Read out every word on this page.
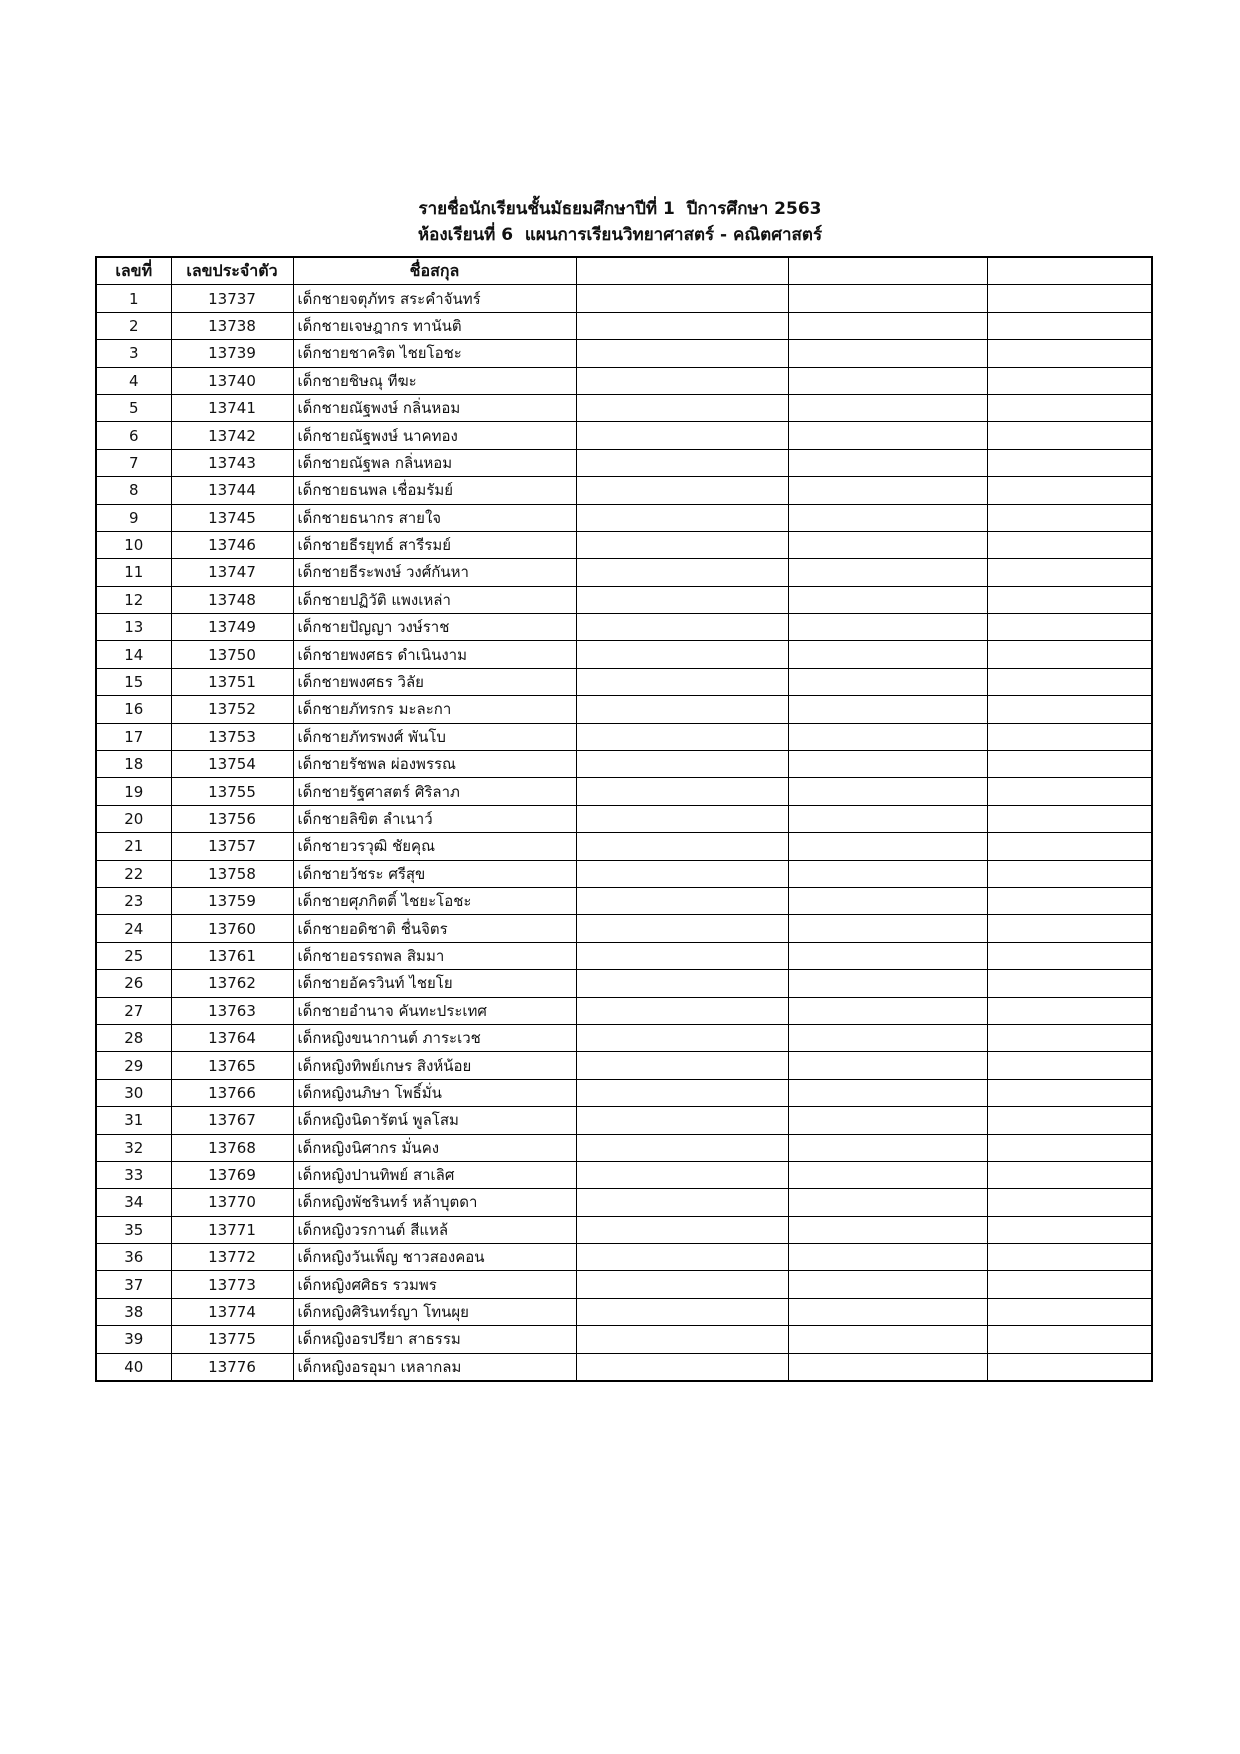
รายชื่อนักเรียนชั้นมัธยมศึกษาปีที่ 1  ปีการศึกษา 2563
ห้องเรียนที่ 6  แผนการเรียนวิทยาศาสตร์ - คณิตศาสตร์
เลขที่	เลขประจำตัว	ชื่อสกุล			
1	13737	เด็กชายจตุภัทร สระคำจันทร์			
2	13738	เด็กชายเจษฎากร ทานันติ			
3	13739	เด็กชายชาคริต ไชยโอชะ			
4	13740	เด็กชายชิษณุ ทีฆะ			
5	13741	เด็กชายณัฐพงษ์ กลิ่นหอม			
6	13742	เด็กชายณัฐพงษ์ นาคทอง			
7	13743	เด็กชายณัฐพล กลิ่นหอม			
8	13744	เด็กชายธนพล เชื่อมรัมย์			
9	13745	เด็กชายธนากร สายใจ			
10	13746	เด็กชายธีรยุทธ์ สารีรมย์			
11	13747	เด็กชายธีระพงษ์ วงศ์กันหา			
12	13748	เด็กชายปฏิวัติ แพงเหล่า			
13	13749	เด็กชายปัญญา วงษ์ราช			
14	13750	เด็กชายพงศธร ดำเนินงาม			
15	13751	เด็กชายพงศธร วิลัย			
16	13752	เด็กชายภัทรกร มะละกา			
17	13753	เด็กชายภัทรพงศ์ พันโบ			
18	13754	เด็กชายรัชพล ผ่องพรรณ			
19	13755	เด็กชายรัฐศาสตร์ ศิริลาภ			
20	13756	เด็กชายลิขิต ลำเนาว์			
21	13757	เด็กชายวรวุฒิ ชัยคุณ			
22	13758	เด็กชายวัชระ ศรีสุข			
23	13759	เด็กชายศุภกิตติ์ ไชยะโอชะ			
24	13760	เด็กชายอดิชาติ ชื่นจิตร			
25	13761	เด็กชายอรรถพล สิมมา			
26	13762	เด็กชายอัครวินท์ ไชยโย			
27	13763	เด็กชายอำนาจ คันทะประเทศ			
28	13764	เด็กหญิงขนากานต์ ภาระเวช			
29	13765	เด็กหญิงทิพย์เกษร สิงห์น้อย			
30	13766	เด็กหญิงนภิษา โพธิ์มั่น			
31	13767	เด็กหญิงนิดารัตน์ พูลโสม			
32	13768	เด็กหญิงนิศากร มั่นคง			
33	13769	เด็กหญิงปานทิพย์ สาเลิศ			
34	13770	เด็กหญิงพัชรินทร์ หล้าบุตดา			
35	13771	เด็กหญิงวรกานต์ สีแหล้			
36	13772	เด็กหญิงวันเพ็ญ ชาวสองคอน			
37	13773	เด็กหญิงศศิธร รวมพร			
38	13774	เด็กหญิงศิรินทร์ญา โทนผุย			
39	13775	เด็กหญิงอรปรียา สาธรรม			
40	13776	เด็กหญิงอรอุมา เหลากลม			
